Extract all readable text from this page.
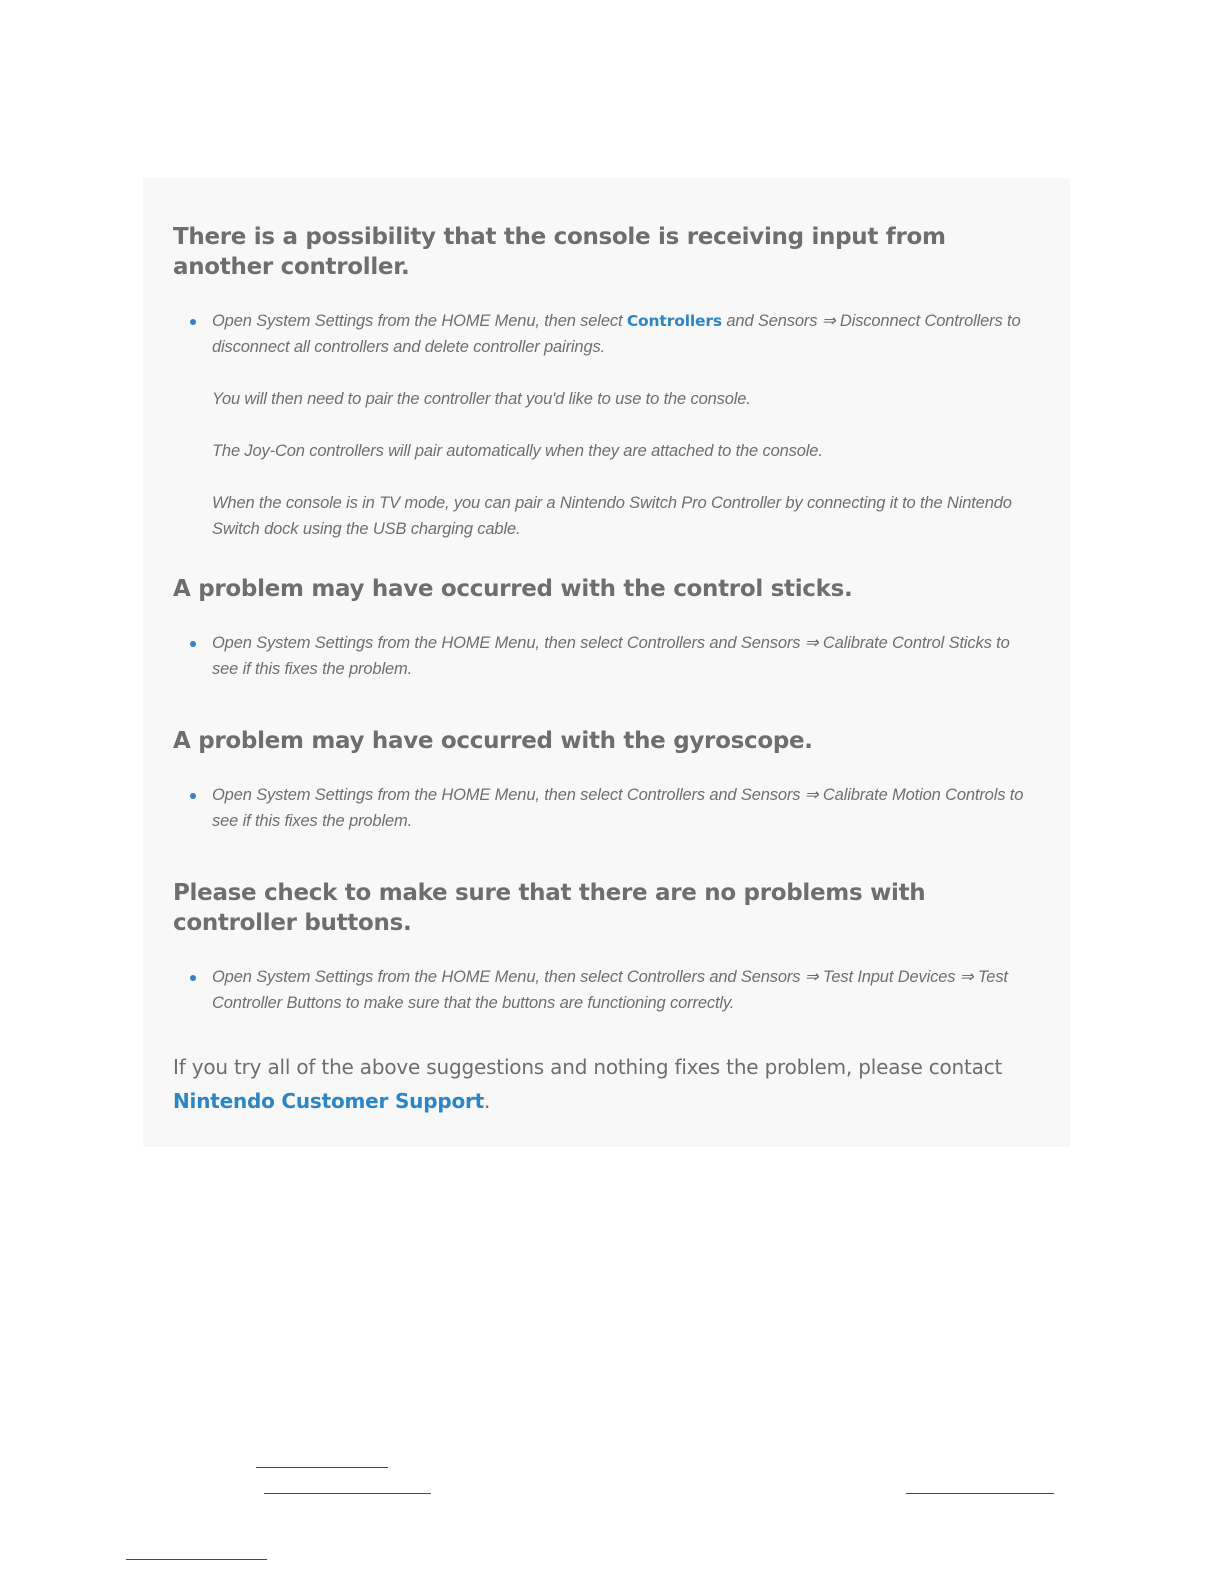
There is a possibility that the console is receiving input from another controller.
Open System Settings from the HOME Menu, then select Controllers and Sensors ⇒ Disconnect Controllers to disconnect all controllers and delete controller pairings.
You will then need to pair the controller that you'd like to use to the console.
The Joy-Con controllers will pair automatically when they are attached to the console.
When the console is in TV mode, you can pair a Nintendo Switch Pro Controller by connecting it to the Nintendo Switch dock using the USB charging cable.
A problem may have occurred with the control sticks.
Open System Settings from the HOME Menu, then select Controllers and Sensors ⇒ Calibrate Control Sticks to see if this fixes the problem.
A problem may have occurred with the gyroscope.
Open System Settings from the HOME Menu, then select Controllers and Sensors ⇒ Calibrate Motion Controls to see if this fixes the problem.
Please check to make sure that there are no problems with controller buttons.
Open System Settings from the HOME Menu, then select Controllers and Sensors ⇒ Test Input Devices ⇒ Test Controller Buttons to make sure that the buttons are functioning correctly.

If you try all of the above suggestions and nothing fixes the problem, please contact Nintendo Customer Support.
